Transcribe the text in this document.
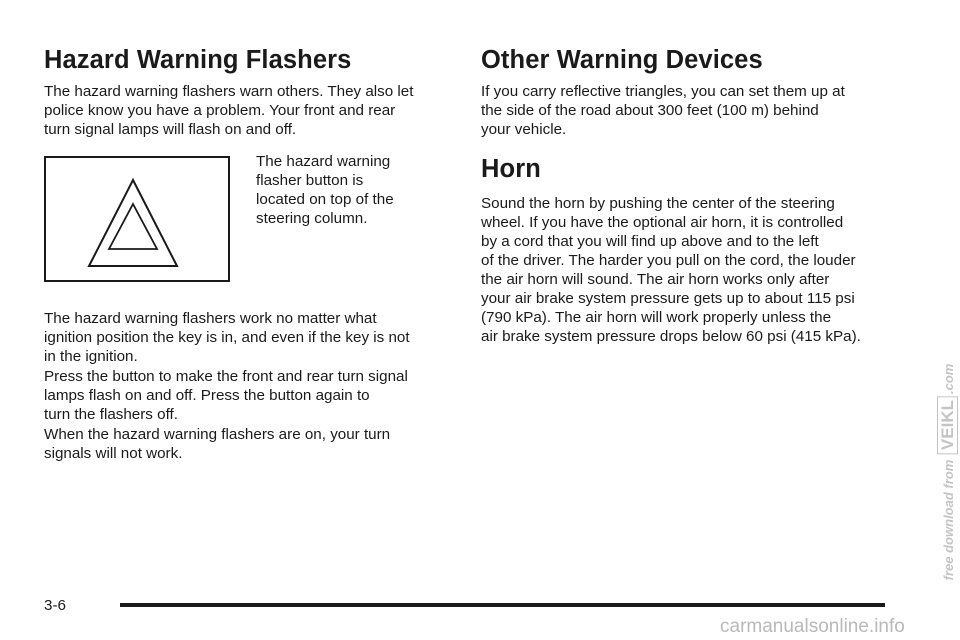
Hazard Warning Flashers

The hazard warning flashers warn others. They also let
police know you have a problem. Your front and rear
turn signal lamps will flash on and off.

The hazard warning
flasher button is
located on top of the
steering column.

The hazard warning flashers work no matter what
ignition position the key is in, and even if the key is not
in the ignition.

Press the button to make the front and rear turn signal
lamps flash on and off. Press the button again to
turn the flashers off.

When the hazard warning flashers are on, your turn
signals will not work.

Other Warning Devices

If you carry reflective triangles, you can set them up at
the side of the road about 300 feet (100 m) behind
your vehicle.

Horn

Sound the horn by pushing the center of the steering
wheel. If you have the optional air horn, it is controlled
by a cord that you will find up above and to the left
of the driver. The harder you pull on the cord, the louder
the air horn will sound. The air horn works only after
your air brake system pressure gets up to about 115 psi
(790 kPa). The air horn will work properly unless the
air brake system pressure drops below 60 psi (415 kPa).

3-6
carmanualsonline.info
free download from VEIKL.com
